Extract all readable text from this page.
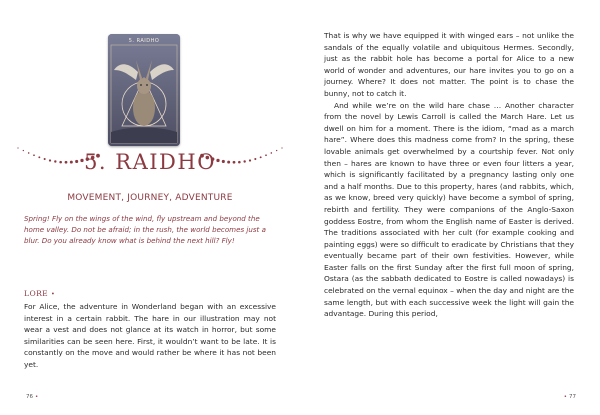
5. RAIDHO
5. RAIDHO
MOVEMENT, JOURNEY, ADVENTURE

Spring! Fly on the wings of the wind, fly upstream and beyond the home valley. Do not be afraid; in the rush, the world becomes just a blur. Do you already know what is behind the next hill? Fly!

LORE •

For Alice, the adventure in Wonderland began with an excessive interest in a certain rabbit. The hare in our illustration may not wear a vest and does not glance at its watch in horror, but some similarities can be seen here. First, it wouldn’t want to be late. It is constantly on the move and would rather be where it has not been yet.

76 •

That is why we have equipped it with winged ears – not unlike the sandals of the equally volatile and ubiquitous Hermes. Secondly, just as the rabbit hole has become a portal for Alice to a new world of wonder and adventures, our hare invites you to go on a journey. Where? It does not matter. The point is to chase the bunny, not to catch it.

And while we’re on the wild hare chase … Another character from the novel by Lewis Carroll is called the March Hare. Let us dwell on him for a moment. There is the idiom, “mad as a march hare”. Where does this madness come from? In the spring, these lovable animals get overwhelmed by a courtship fever. Not only then – hares are known to have three or even four litters a year, which is significantly facilitated by a pregnancy lasting only one and a half months. Due to this property, hares (and rabbits, which, as we know, breed very quickly) have become a symbol of spring, rebirth and fertility. They were companions of the Anglo-Saxon goddess Eostre, from whom the English name of Easter is derived. The traditions associated with her cult (for example cooking and painting eggs) were so difficult to eradicate by Christians that they eventually became part of their own festivities. However, while Easter falls on the first Sunday after the first full moon of spring, Ostara (as the sabbath dedicated to Eostre is called nowadays) is celebrated on the vernal equinox – when the day and night are the same length, but with each successive week the light will gain the advantage. During this period,

• 77
